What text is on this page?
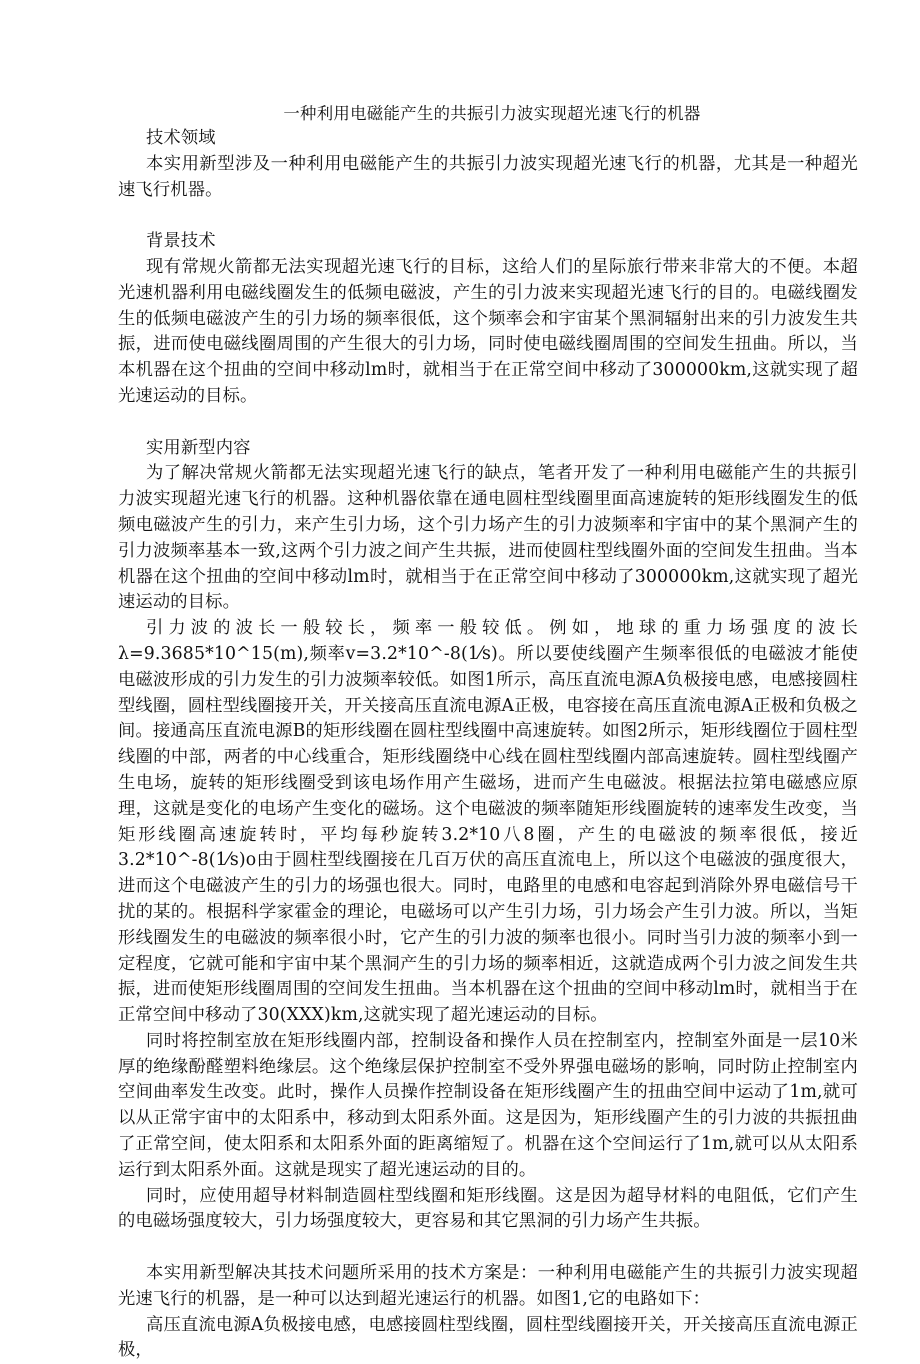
一种利用电磁能产生的共振引力波实现超光速飞行的机器

技术领域

本实用新型涉及一种利用电磁能产生的共振引力波实现超光速飞行的机器，尤其是一种超光速飞行机器。

背景技术

现有常规火箭都无法实现超光速飞行的目标，这给人们的星际旅行带来非常大的不便。本超光速机器利用电磁线圈发生的低频电磁波，产生的引力波来实现超光速飞行的目的。电磁线圈发生的低频电磁波产生的引力场的频率很低，这个频率会和宇宙某个黑洞辐射出来的引力波发生共振，进而使电磁线圈周围的产生很大的引力场，同时使电磁线圈周围的空间发生扭曲。所以，当本机器在这个扭曲的空间中移动lm时，就相当于在正常空间中移动了300000km,这就实现了超光速运动的目标。

实用新型内容

为了解决常规火箭都无法实现超光速飞行的缺点，笔者开发了一种利用电磁能产生的共振引力波实现超光速飞行的机器。这种机器依靠在通电圆柱型线圈里面高速旋转的矩形线圈发生的低频电磁波产生的引力，来产生引力场，这个引力场产生的引力波频率和宇宙中的某个黑洞产生的引力波频率基本一致,这两个引力波之间产生共振，进而使圆柱型线圈外面的空间发生扭曲。当本机器在这个扭曲的空间中移动lm时，就相当于在正常空间中移动了300000km,这就实现了超光速运动的目标。

引力波的波长一般较长，频率一般较低。例如，地球的重力场强度的波长λ=9.3685*10^15(m),频率v=3.2*10^-8(1⁄s)。所以要使线圈产生频率很低的电磁波才能使电磁波形成的引力发生的引力波频率较低。如图1所示，高压直流电源A负极接电感，电感接圆柱型线圈，圆柱型线圈接开关，开关接高压直流电源A正极，电容接在高压直流电源A正极和负极之间。接通高压直流电源B的矩形线圈在圆柱型线圈中高速旋转。如图2所示，矩形线圈位于圆柱型线圈的中部，两者的中心线重合，矩形线圈绕中心线在圆柱型线圈内部高速旋转。圆柱型线圈产生电场，旋转的矩形线圈受到该电场作用产生磁场，进而产生电磁波。根据法拉第电磁感应原理，这就是变化的电场产生变化的磁场。这个电磁波的频率随矩形线圈旋转的速率发生改变，当矩形线圈高速旋转时，平均每秒旋转3.2*10八8圈，产生的电磁波的频率很低，接近3.2*10^-8(1⁄s)o由于圆柱型线圈接在几百万伏的高压直流电上，所以这个电磁波的强度很大，进而这个电磁波产生的引力的场强也很大。同时，电路里的电感和电容起到消除外界电磁信号干扰的某的。根据科学家霍金的理论，电磁场可以产生引力场，引力场会产生引力波。所以，当矩形线圈发生的电磁波的频率很小时，它产生的引力波的频率也很小。同时当引力波的频率小到一定程度，它就可能和宇宙中某个黑洞产生的引力场的频率相近，这就造成两个引力波之间发生共振，进而使矩形线圈周围的空间发生扭曲。当本机器在这个扭曲的空间中移动lm时，就相当于在正常空间中移动了30(XXX)km,这就实现了超光速运动的目标。

同时将控制室放在矩形线圈内部，控制设备和操作人员在控制室内，控制室外面是一层10米厚的绝缘酚醛塑料绝缘层。这个绝缘层保护控制室不受外界强电磁场的影响，同时防止控制室内空间曲率发生改变。此时，操作人员操作控制设备在矩形线圈产生的扭曲空间中运动了1m,就可以从正常宇宙中的太阳系中，移动到太阳系外面。这是因为，矩形线圈产生的引力波的共振扭曲了正常空间，使太阳系和太阳系外面的距离缩短了。机器在这个空间运行了1m,就可以从太阳系运行到太阳系外面。这就是现实了超光速运动的目的。

同时，应使用超导材料制造圆柱型线圈和矩形线圈。这是因为超导材料的电阻低，它们产生的电磁场强度较大，引力场强度较大，更容易和其它黑洞的引力场产生共振。

本实用新型解决其技术问题所采用的技术方案是：一种利用电磁能产生的共振引力波实现超光速飞行的机器，是一种可以达到超光速运行的机器。如图1,它的电路如下：

高压直流电源A负极接电感，电感接圆柱型线圈，圆柱型线圈接开关，开关接高压直流电源正极，
